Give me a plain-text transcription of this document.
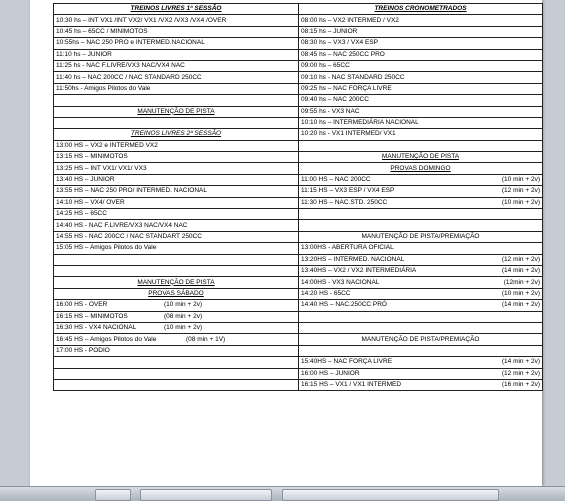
TREINOS LIVRES 1ª SESSÃO	TREINOS CRONOMETRADOS
10:30 hs – INT VX1 /INT VX2/ VX1 /VX2 /VX3 /VX4 /OVER	08:00 hs – VX2 INTERMED / VX2
10:45 hs – 65CC / MINIMOTOS	08:15 hs – JUNIOR
10:55hs – NAC 250 PRO e INTERMED.NACIONAL	08:30 hs – VX3 / VX4 ESP
11:10 hs – JUNIOR	08:45 hs – NAC 250CC PRO
11:25 hs - NAC F.LIVRE/VX3 NAC/VX4 NAC	09:00 hs – 65CC
11:40 hs – NAC 200CC / NAC STANDARD 250CC	09:10 hs - NAC STANDARD 250CC
11:50hs - Amigos Pilotos do Vale	09:25 hs – NAC FORÇA LIVRE
	09:40 hs – NAC 200CC
MANUTENÇÃO DE PISTA	09:55 hs - VX3 NAC
	10:10 hs – INTERMEDIÁRIA NACIONAL
TREINOS LIVRES 2ª SESSÃO	10:20 hs - VX1 INTERMED/ VX1
13:00 HS – VX2 e INTERMED VX2	
13:15 HS – MINIMOTOS	MANUTENÇÃO DE PISTA
13:25 HS – INT VX1/ VX1/ VX3	PROVAS DOMINGO
13:40 HS – JUNIOR	11:00 HS – NAC 200CC (10 min + 2v)

13:55 HS – NAC 250 PRO/ INTERMED. NACIONAL	11:15 HS – VX3 ESP / VX4 ESP (12 min + 2v)

14:10 HS – VX4/ OVER	11:30 HS – NAC.STD. 250CC (10 min + 2v)

14:25 HS – 65CC	
14:40 HS - NAC F.LIVRE/VX3 NAC/VX4 NAC	
14:55 HS - NAC 200CC / NAC STANDART 250CC	MANUTENÇÃO DE PISTA/PREMIAÇÃO
15:05 HS – Amigos Pilotos do Vale	13:00HS - ABERTURA OFICIAL

	13:20HS – INTERMED. NACIONAL (12 min + 2v)

	13:40HS – VX2 / VX2 INTERMEDIÁRIA (14 min + 2v)

MANUTENÇÃO DE PISTA	14:00HS - VX3 NACIONAL (12min + 2v)

PROVAS SÁBADO	14:20 HS - 65CC (10 min + 2v)

16:00 HS - OVER (10 min + 2v)	14:40 HS – NAC.250CC PRÓ (14 min + 2v)

16:15 HS – MINIMOTOS (08 min + 2v)	
16:30 HS - VX4 NACIONAL (10 min + 2v)	
16:45 HS – Amigos Pilotos do Vale (08 min + 1V)	MANUTENÇÃO DE PISTA/PREMIAÇÃO
17:00 HS - PODIO	

	15:40HS – NAC FORÇA LIVRE (14 min + 2v)

	16:00 HS – JUNIOR (12 min + 2v)

	16:15 HS – VX1 / VX1 INTERMED (16 min + 2v)
